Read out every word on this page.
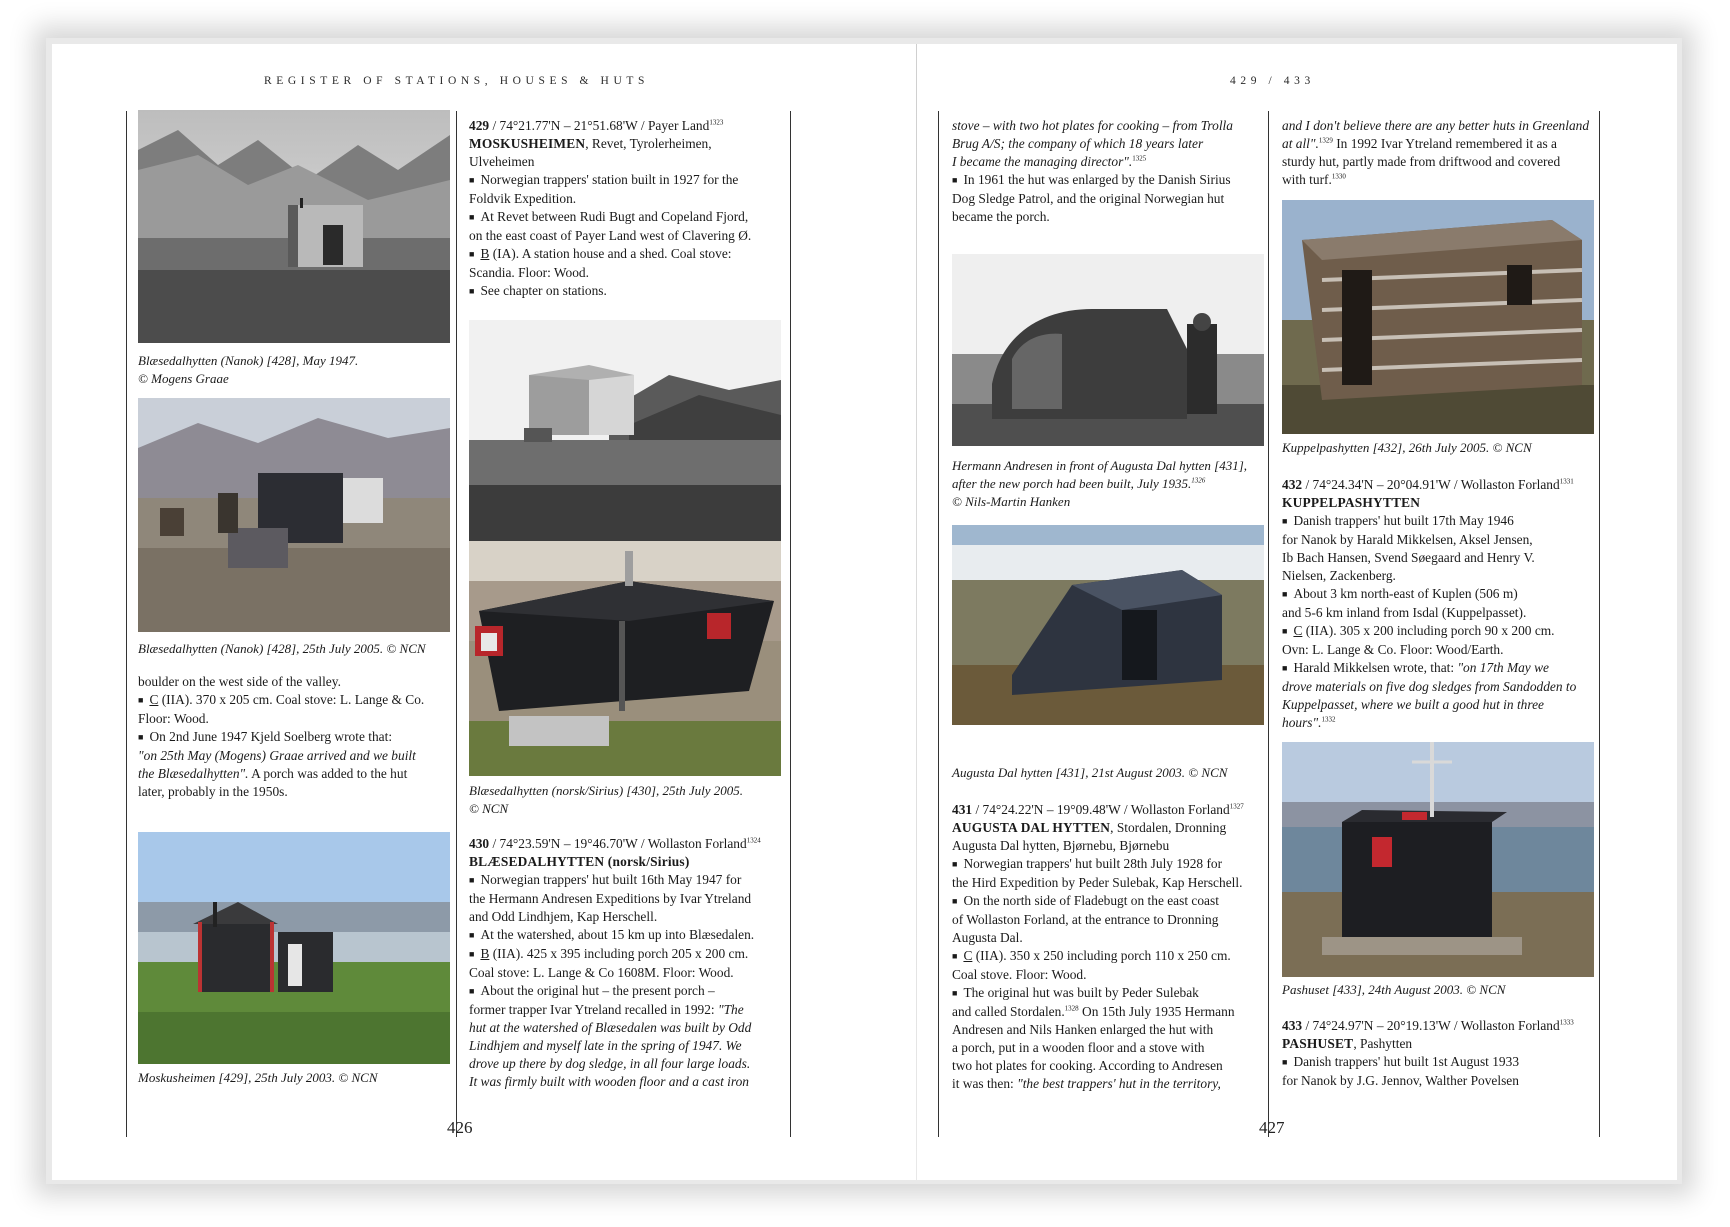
REGISTER OF STATIONS, HOUSES & HUTS	429 / 433

Blæsedalhytten (Nanok) [428], May 1947.

© Mogens Graae

Blæsedalhytten (Nanok) [428], 25th July 2005. © NCN

boulder on the west side of the valley.

■ C (IIA). 370 x 205 cm. Coal stove: L. Lange & Co.

Floor: Wood.

■ On 2nd June 1947 Kjeld Soelberg wrote that:

"on 25th May (Mogens) Graae arrived and we built

the Blæsedalhytten". A porch was added to the hut

later, probably in the 1950s.

Moskusheimen [429], 25th July 2003. © NCN

429 / 74°21.77'N – 21°51.68'W / Payer Land$^{1323}$

MOSKUSHEIMEN, Revet, Tyrolerheimen,

Ulveheimen

■ Norwegian trappers' station built in 1927 for the

Foldvik Expedition.

■ At Revet between Rudi Bugt and Copeland Fjord,

on the east coast of Payer Land west of Clavering Ø.

■ B (IA). A station house and a shed. Coal stove:

Scandia. Floor: Wood.

■ See chapter on stations.

Blæsedalhytten (norsk/Sirius) [430], 25th July 2005.

© NCN

430 / 74°23.59'N – 19°46.70'W / Wollaston Forland$^{1324}$

BLÆSEDALHYTTEN (norsk/Sirius)

■ Norwegian trappers' hut built 16th May 1947 for

the Hermann Andresen Expeditions by Ivar Ytreland

and Odd Lindhjem, Kap Herschell.

■ At the watershed, about 15 km up into Blæsedalen.

■ B (IIA). 425 x 395 including porch 205 x 200 cm.

Coal stove: L. Lange & Co 1608M. Floor: Wood.

■ About the original hut – the present porch –

former trapper Ivar Ytreland recalled in 1992: "The

hut at the watershed of Blæsedalen was built by Odd

Lindhjem and myself late in the spring of 1947. We

drove up there by dog sledge, in all four large loads.

It was firmly built with wooden floor and a cast iron

426

stove – with two hot plates for cooking – from Trolla

Brug A/S; the company of which 18 years later

I became the managing director".$^{1325}$

■ In 1961 the hut was enlarged by the Danish Sirius

Dog Sledge Patrol, and the original Norwegian hut

became the porch.

Hermann Andresen in front of Augusta Dal hytten [431],

after the new porch had been built, July 1935.$^{1326}$

© Nils-Martin Hanken

Augusta Dal hytten [431], 21st August 2003. © NCN

431 / 74°24.22'N – 19°09.48'W / Wollaston Forland$^{1327}$

AUGUSTA DAL HYTTEN, Stordalen, Dronning

Augusta Dal hytten, Bjørnebu, Bjørnebu

■ Norwegian trappers' hut built 28th July 1928 for

the Hird Expedition by Peder Sulebak, Kap Herschell.

■ On the north side of Fladebugt on the east coast

of Wollaston Forland, at the entrance to Dronning

Augusta Dal.

■ C (IIA). 350 x 250 including porch 110 x 250 cm.

Coal stove. Floor: Wood.

■ The original hut was built by Peder Sulebak

and called Stordalen.$^{1328}$ On 15th July 1935 Hermann

Andresen and Nils Hanken enlarged the hut with

a porch, put in a wooden floor and a stove with

two hot plates for cooking. According to Andresen

it was then: "the best trappers' hut in the territory,

427

and I don't believe there are any better huts in Greenland

at all".$^{1329}$ In 1992 Ivar Ytreland remembered it as a

sturdy hut, partly made from driftwood and covered

with turf.$^{1330}$

Kuppelpashytten [432], 26th July 2005. © NCN

432 / 74°24.34'N – 20°04.91'W / Wollaston Forland$^{1331}$

KUPPELPASHYTTEN

■ Danish trappers' hut built 17th May 1946

for Nanok by Harald Mikkelsen, Aksel Jensen,

Ib Bach Hansen, Svend Søegaard and Henry V.

Nielsen, Zackenberg.

■ About 3 km north-east of Kuplen (506 m)

and 5-6 km inland from Isdal (Kuppelpasset).

■ C (IIA). 305 x 200 including porch 90 x 200 cm.

Ovn: L. Lange & Co. Floor: Wood/Earth.

■ Harald Mikkelsen wrote, that: "on 17th May we

drove materials on five dog sledges from Sandodden to

Kuppelpasset, where we built a good hut in three hours".$^{1332}$

Pashuset [433], 24th August 2003. © NCN

433 / 74°24.97'N – 20°19.13'W / Wollaston Forland$^{1333}$

PASHUSET, Pashytten

■ Danish trappers' hut built 1st August 1933

for Nanok by J.G. Jennov, Walther Povelsen
